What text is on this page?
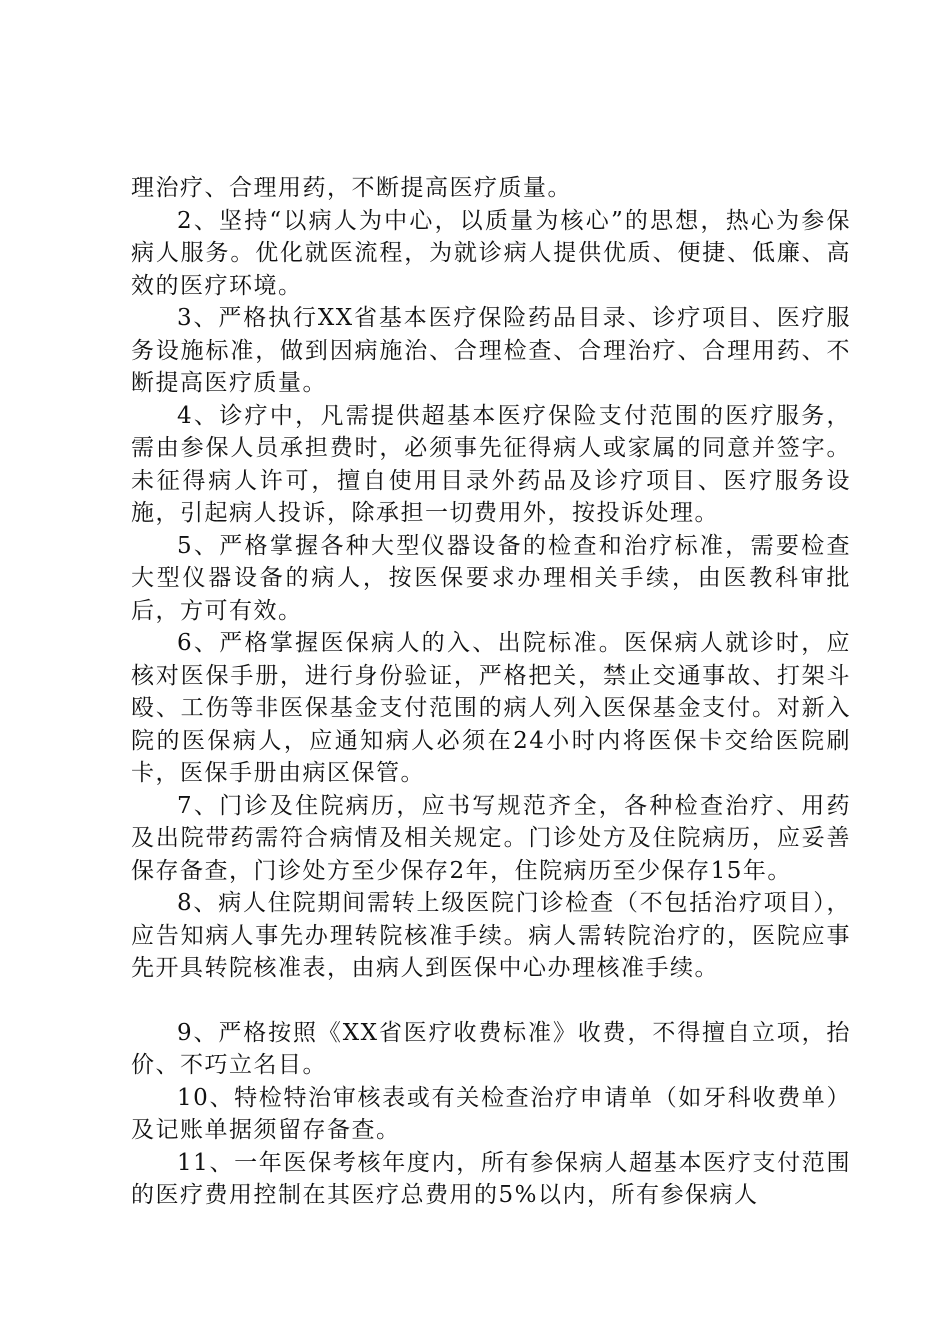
理治疗、合理用药，不断提高医疗质量。

2、坚持“以病人为中心，以质量为核心”的思想，热心为参保病人服务。优化就医流程，为就诊病人提供优质、便捷、低廉、高效的医疗环境。

3、严格执行XX省基本医疗保险药品目录、诊疗项目、医疗服务设施标准，做到因病施治、合理检查、合理治疗、合理用药、不断提高医疗质量。

4、诊疗中，凡需提供超基本医疗保险支付范围的医疗服务，需由参保人员承担费时，必须事先征得病人或家属的同意并签字。未征得病人许可，擅自使用目录外药品及诊疗项目、医疗服务设施，引起病人投诉，除承担一切费用外，按投诉处理。

5、严格掌握各种大型仪器设备的检查和治疗标准，需要检查大型仪器设备的病人，按医保要求办理相关手续，由医教科审批后，方可有效。

6、严格掌握医保病人的入、出院标准。医保病人就诊时，应核对医保手册，进行身份验证，严格把关，禁止交通事故、打架斗殴、工伤等非医保基金支付范围的病人列入医保基金支付。对新入院的医保病人，应通知病人必须在24小时内将医保卡交给医院刷卡，医保手册由病区保管。

7、门诊及住院病历，应书写规范齐全，各种检查治疗、用药及出院带药需符合病情及相关规定。门诊处方及住院病历，应妥善保存备查，门诊处方至少保存2年，住院病历至少保存15年。

8、病人住院期间需转上级医院门诊检查（不包括治疗项目），应告知病人事先办理转院核准手续。病人需转院治疗的，医院应事先开具转院核准表，由病人到医保中心办理核准手续。

9、严格按照《XX省医疗收费标准》收费，不得擅自立项，抬价、不巧立名目。

10、特检特治审核表或有关检查治疗申请单（如牙科收费单）及记账单据须留存备查。

11、一年医保考核年度内，所有参保病人超基本医疗支付范围的医疗费用控制在其医疗总费用的5%以内，所有参保病人
